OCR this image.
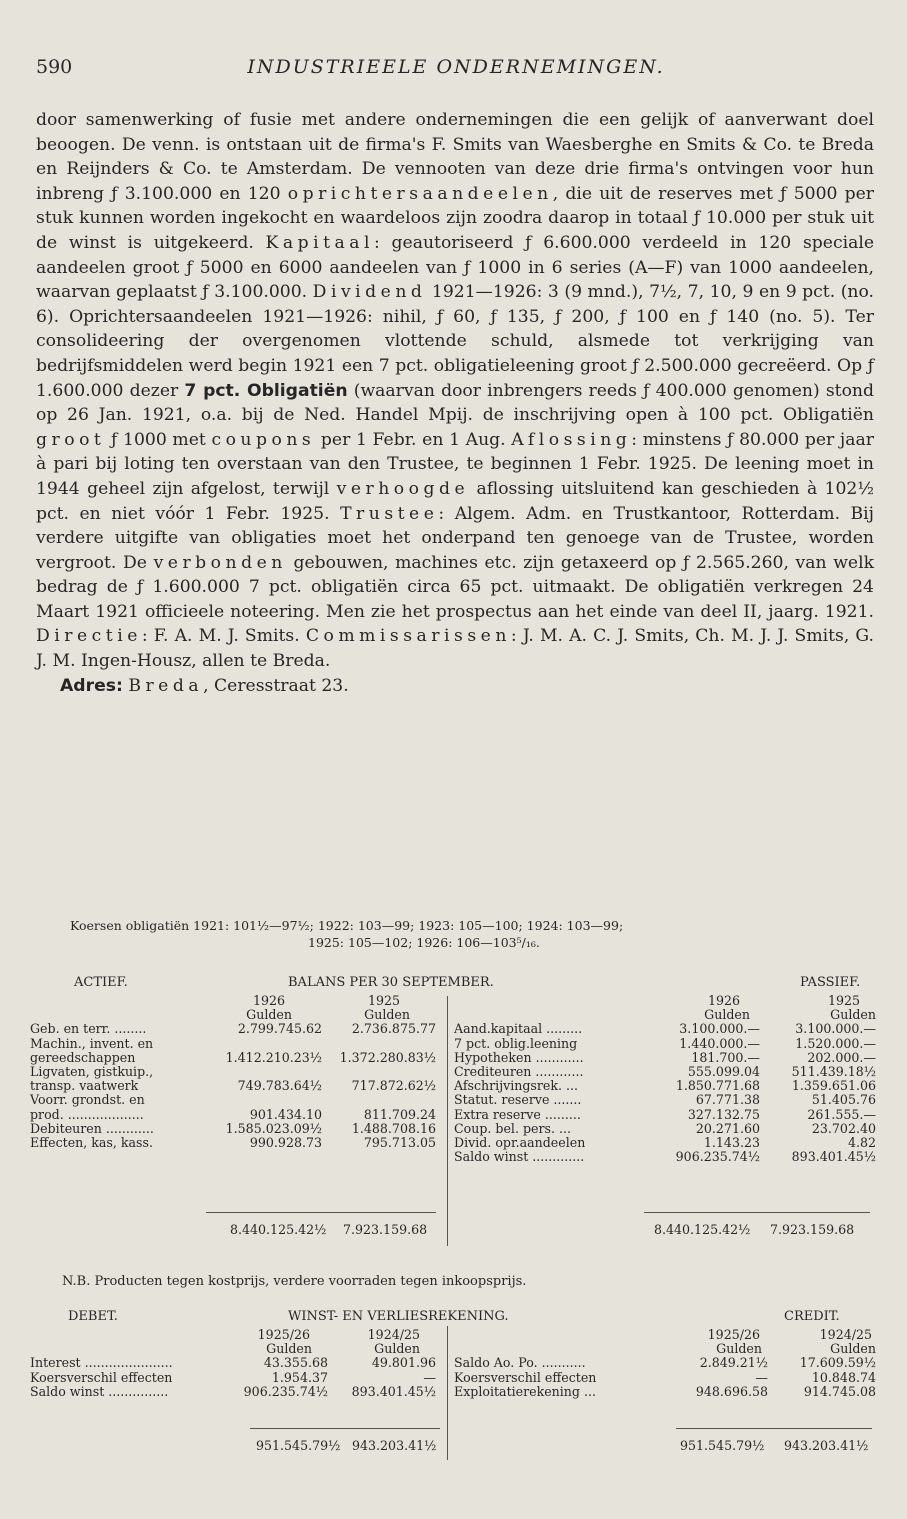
590	INDUSTRIEELE ONDERNEMINGEN.

door samenwerking of fusie met andere ondernemingen die een gelijk of aanverwant doel beoogen. De venn. is ontstaan uit de firma's F. Smits van Waesberghe en Smits & Co. te Breda en Reijnders & Co. te Amsterdam. De vennooten van deze drie firma's ontvingen voor hun inbreng ƒ 3.100.000 en 120 oprichtersaandeelen, die uit de reserves met ƒ 5000 per stuk kunnen worden ingekocht en waardeloos zijn zoodra daarop in totaal ƒ 10.000 per stuk uit de winst is uitgekeerd. Kapitaal: geautoriseerd ƒ 6.600.000 verdeeld in 120 speciale aandeelen groot ƒ 5000 en 6000 aandeelen van ƒ 1000 in 6 series (A—F) van 1000 aandeelen, waarvan geplaatst ƒ 3.100.000. Dividend 1921—1926: 3 (9 mnd.), 7½, 7, 10, 9 en 9 pct. (no. 6). Oprichtersaandeelen 1921—1926: nihil, ƒ 60, ƒ 135, ƒ 200, ƒ 100 en ƒ 140 (no. 5). Ter consolideering der overgenomen vlottende schuld, alsmede tot verkrijging van bedrijfsmiddelen werd begin 1921 een 7 pct. obligatieleening groot ƒ 2.500.000 gecreëerd. Op ƒ 1.600.000 dezer 7 pct. Obligatiën (waarvan door inbrengers reeds ƒ 400.000 genomen) stond op 26 Jan. 1921, o.a. bij de Ned. Handel Mpij. de inschrijving open à 100 pct. Obligatiën groot ƒ 1000 met coupons per 1 Febr. en 1 Aug. Aflossing: minstens ƒ 80.000 per jaar à pari bij loting ten overstaan van den Trustee, te beginnen 1 Febr. 1925. De leening moet in 1944 geheel zijn afgelost, terwijl verhoogde aflossing uitsluitend kan geschieden à 102½ pct. en niet vóór 1 Febr. 1925. Trustee: Algem. Adm. en Trustkantoor, Rotterdam. Bij verdere uitgifte van obligaties moet het onderpand ten genoege van de Trustee, worden vergroot. De verbonden gebouwen, machines etc. zijn getaxeerd op ƒ 2.565.260, van welk bedrag de ƒ 1.600.000 7 pct. obligatiën circa 65 pct. uitmaakt. De obligatiën verkregen 24 Maart 1921 officieele noteering. Men zie het prospectus aan het einde van deel II, jaarg. 1921. Directie: F. A. M. J. Smits. Commissarissen: J. M. A. C. J. Smits, Ch. M. J. J. Smits, G. J. M. Ingen-Housz, allen te Breda.
Adres: Breda, Ceresstraat 23.

Koersen obligatiën 1921: 101½—97½; 1922: 103—99; 1923: 105—100; 1924: 103—99;
1925: 105—102; 1926: 106—103⁵/₁₆.
ACTIEF.	BALANS PER 30 SEPTEMBER.	PASSIEF.
1926	1925
Gulden	Gulden
Geb. en terr. ........	2.799.745.62 2.736.875.77
Machin., invent. en
gereedschappen	1.412.210.23½ 1.372.280.83½
Ligvaten, gistkuip.,
transp. vaatwerk	749.783.64½ 717.872.62½
Voorr. grondst. en
prod. ...................	901.434.10	811.709.24
Debiteuren ............	1.585.023.09½ 1.488.708.16
Effecten, kas, kass.	990.928.73	795.713.05
1926	1925
Gulden	Gulden
Aand.kapitaal .........	3.100.000.—	3.100.000.—
7 pct. oblig.leening	1.440.000.—	1.520.000.—
Hypotheken ............	181.700.—	202.000.—
Crediteuren ............	555.099.04	511.439.18½
Afschrijvingsrek. ...	1.850.771.68	1.359.651.06
Statut. reserve .......	67.771.38	51.405.76
Extra reserve .........	327.132.75	261.555.—
Coup. bel. pers. ...	20.271.60	23.702.40
Divid. opr.aandeelen	1.143.23	4.82
Saldo winst .............	906.235.74½	893.401.45½
8.440.125.42½ 7.923.159.68	8.440.125.42½ 7.923.159.68
N.B. Producten tegen kostprijs, verdere voorraden tegen inkoopsprijs.
DEBET.	WINST- EN VERLIESREKENING.	CREDIT.
1925/26	1924/25
Gulden	Gulden
Interest ......................	43.355.68	49.801.96
Koersverschil effecten	1.954.37	—
Saldo winst ...............	906.235.74½ 893.401.45½
1925/26	1924/25
Gulden	Gulden
Saldo Ao. Po. ...........	2.849.21½	17.609.59½
Koersverschil effecten	—	10.848.74
Exploitatierekening ...	948.696.58	914.745.08
951.545.79½ 943.203.41½	951.545.79½ 943.203.41½
